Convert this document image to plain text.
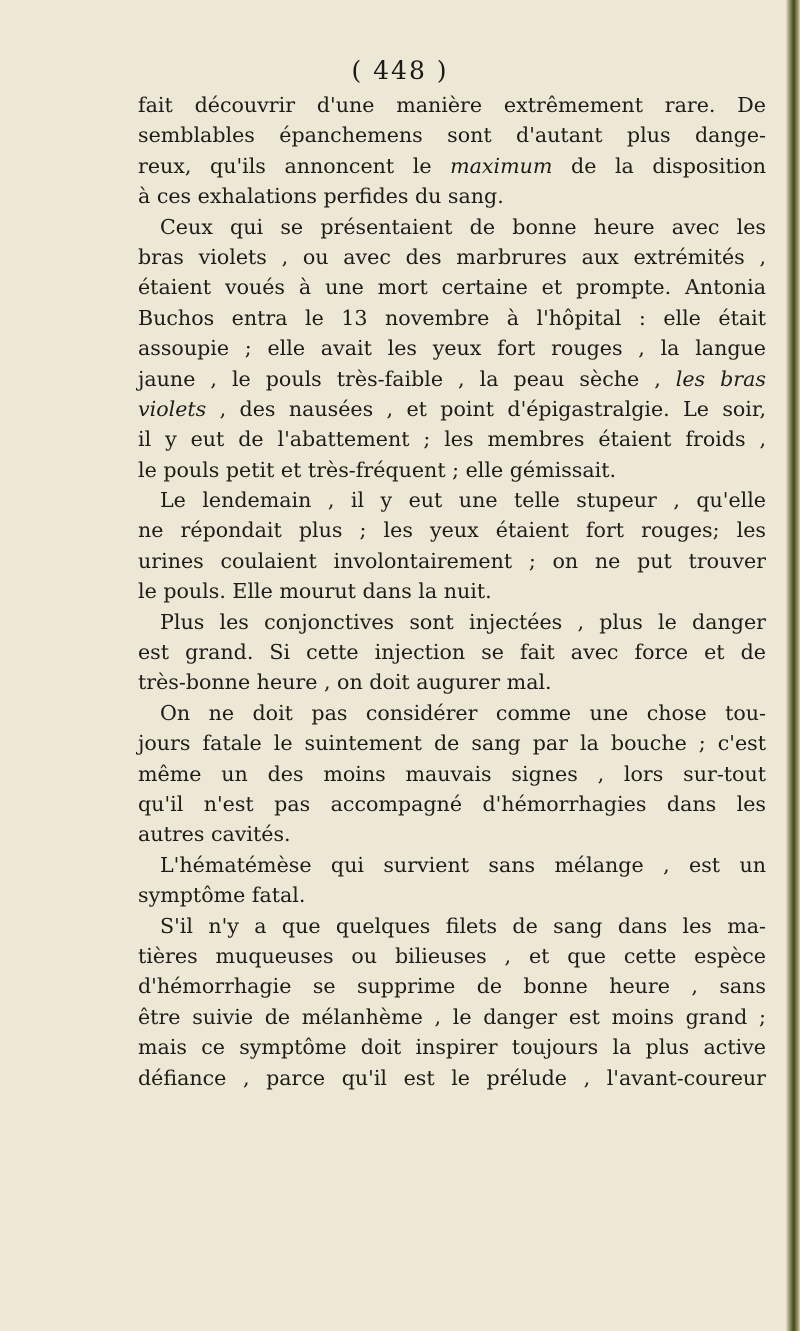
( 448 )
fait découvrir d'une manière extrêmement rare. De
semblables épanchemens sont d'autant plus dange-
reux, qu'ils annoncent le maximum de la disposition
à ces exhalations perfides du sang.
Ceux qui se présentaient de bonne heure avec les
bras violets , ou avec des marbrures aux extrémités ,
étaient voués à une mort certaine et prompte. Antonia
Buchos entra le 13 novembre à l'hôpital : elle était
assoupie ; elle avait les yeux fort rouges , la langue
jaune , le pouls très-faible , la peau sèche , les bras
violets , des nausées , et point d'épigastralgie. Le soir,
il y eut de l'abattement ; les membres étaient froids ,
le pouls petit et très-fréquent ; elle gémissait.
Le lendemain , il y eut une telle stupeur , qu'elle
ne répondait plus ; les yeux étaient fort rouges; les
urines coulaient involontairement ; on ne put trouver
le pouls. Elle mourut dans la nuit.
Plus les conjonctives sont injectées , plus le danger
est grand. Si cette injection se fait avec force et de
très-bonne heure , on doit augurer mal.
On ne doit pas considérer comme une chose tou-
jours fatale le suintement de sang par la bouche ; c'est
même un des moins mauvais signes , lors sur-tout
qu'il n'est pas accompagné d'hémorrhagies dans les
autres cavités.
L'hématémèse qui survient sans mélange , est un
symptôme fatal.
S'il n'y a que quelques filets de sang dans les ma-
tières muqueuses ou bilieuses , et que cette espèce
d'hémorrhagie se supprime de bonne heure , sans
être suivie de mélanhème , le danger est moins grand ;
mais ce symptôme doit inspirer toujours la plus active
défiance , parce qu'il est le prélude , l'avant-coureur
